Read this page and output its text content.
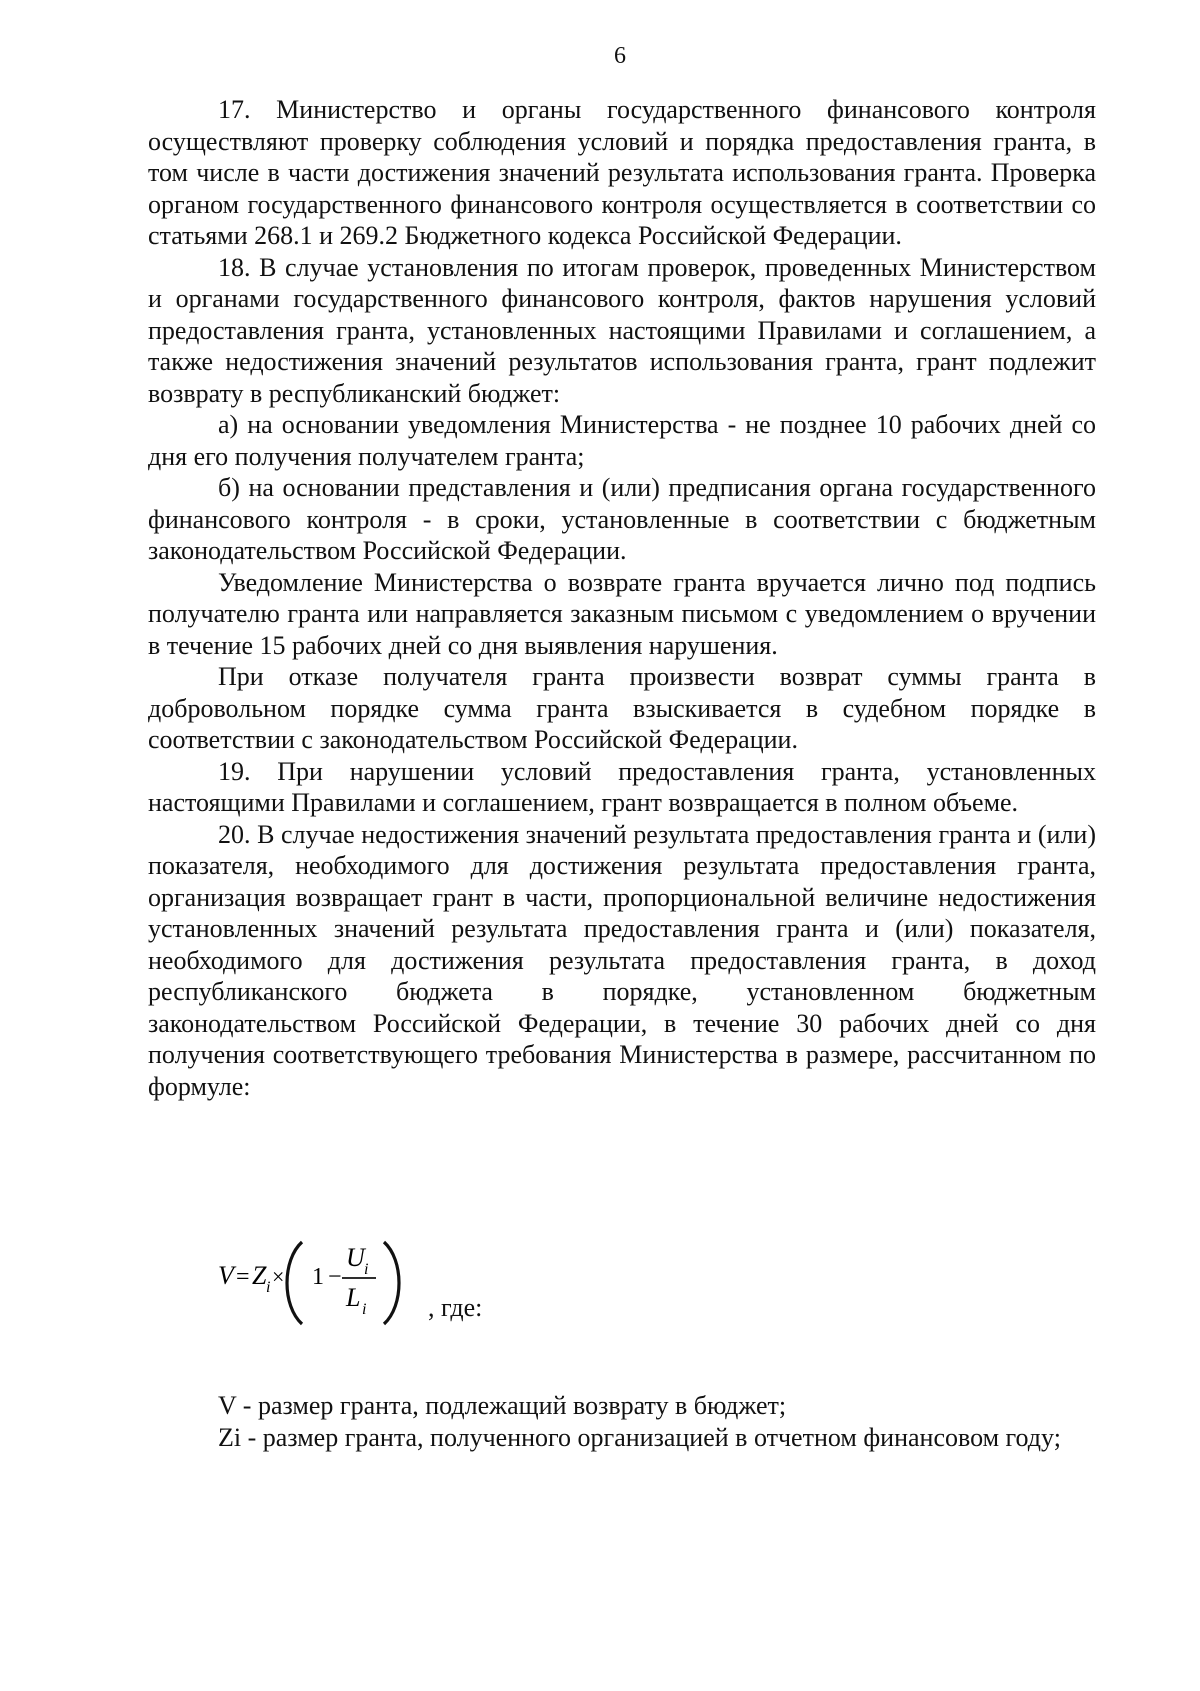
6

17. Министерство и органы государственного финансового контроля осуществляют проверку соблюдения условий и порядка предоставления гранта, в том числе в части достижения значений результата использования гранта. Проверка органом государственного финансового контроля осуществляется в соответствии со статьями 268.1 и 269.2 Бюджетного кодекса Российской Федерации.

18. В случае установления по итогам проверок, проведенных Министерством и органами государственного финансового контроля, фактов нарушения условий предоставления гранта, установленных настоящими Правилами и соглашением, а также недостижения значений результатов использования гранта, грант подлежит возврату в республиканский бюджет:

а) на основании уведомления Министерства - не позднее 10 рабочих дней со дня его получения получателем гранта;

б) на основании представления и (или) предписания органа государственного финансового контроля - в сроки, установленные в соответствии с бюджетным законодательством Российской Федерации.

Уведомление Министерства о возврате гранта вручается лично под подпись получателю гранта или направляется заказным письмом с уведомлением о вручении в течение 15 рабочих дней со дня выявления нарушения.

При отказе получателя гранта произвести возврат суммы гранта в добровольном порядке сумма гранта взыскивается в судебном порядке в соответствии с законодательством Российской Федерации.

19. При нарушении условий предоставления гранта, установленных настоящими Правилами и соглашением, грант возвращается в полном объеме.

20. В случае недостижения значений результата предоставления гранта и (или) показателя, необходимого для достижения результата предоставления гранта, организация возвращает грант в части, пропорциональной величине недостижения установленных значений результата предоставления гранта и (или) показателя, необходимого для достижения результата предоставления гранта, в доход республиканского бюджета в порядке, установленном бюджетным законодательством Российской Федерации, в течение 30 рабочих дней со дня получения соответствующего требования Министерства в размере, рассчитанном по формуле:

V = Z i × 1 −
U i
L i , где:

V - размер гранта, подлежащий возврату в бюджет;

Zi - размер гранта, полученного организацией в отчетном финансовом году;
